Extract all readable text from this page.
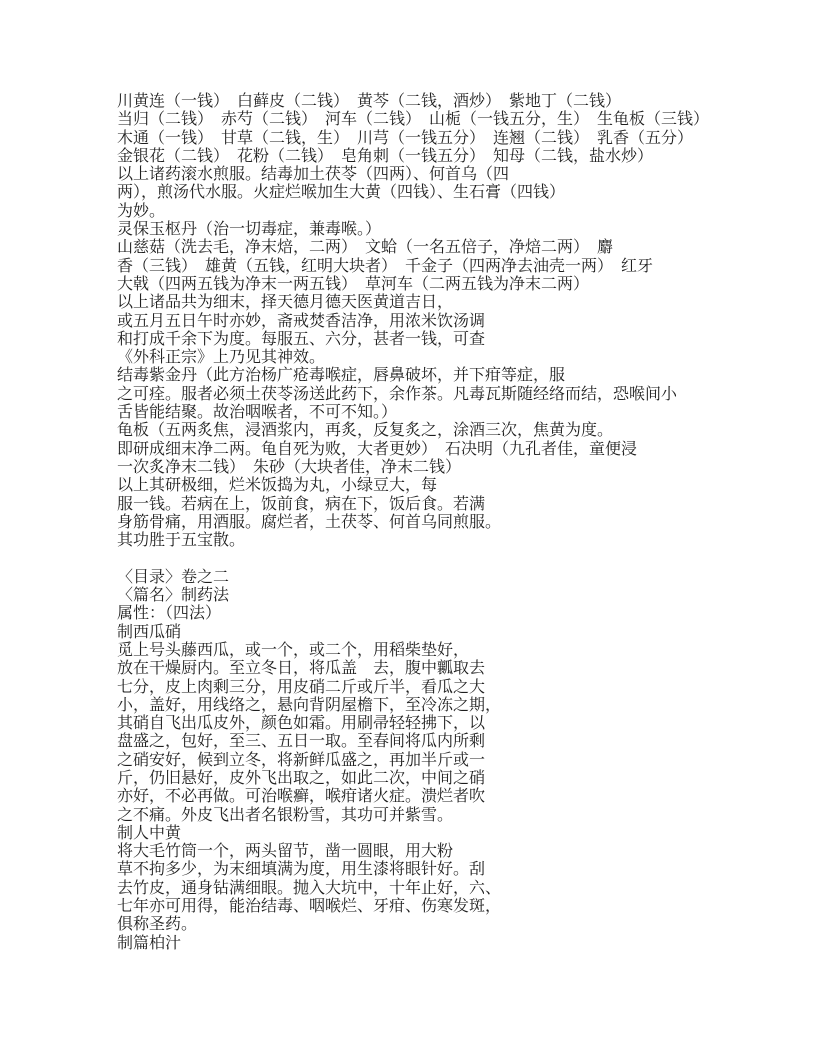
川黄连（一钱）　白藓皮（二钱）　黄芩（二钱，酒炒）　紫地丁（二钱）
当归（二钱）　赤芍（二钱）　河车（二钱）　山栀（一钱五分，生）　生龟板（三钱）
木通（一钱）　甘草（二钱，生）　川芎（一钱五分）　连翘（二钱）　乳香（五分）
金银花（二钱）　花粉（二钱）　皂角刺（一钱五分）　知母（二钱，盐水炒）
以上诸药滚水煎服。结毒加土茯苓（四两）、何首乌（四
两），煎汤代水服。火症烂喉加生大黄（四钱）、生石膏（四钱）
为妙。
灵保玉枢丹（治一切毒症，兼毒喉。）
山慈菇（洗去毛，净末焙，二两）　文蛤（一名五倍子，净焙二两）　麝
香（三钱）　雄黄（五钱，红明大块者）　千金子（四两净去油壳一两）　红牙
大戟（四两五钱为净末一两五钱）　草河车（二两五钱为净末二两）
以上诸品共为细末，择天德月德天医黄道吉日，
或五月五日午时亦妙，斋戒焚香洁净，用浓米饮汤调
和打成千余下为度。每服五、六分，甚者一钱，可查
《外科正宗》上乃见其神效。
结毒紫金丹（此方治杨广疮毒喉症，唇鼻破坏，并下疳等症，服
之可痊。服者必须土茯苓汤送此药下，余作茶。凡毒瓦斯随经络而结，恐喉间小
舌皆能结聚。故治咽喉者，不可不知。）
龟板（五两炙焦，浸酒浆内，再炙，反复炙之，涂酒三次，焦黄为度。
即研成细末净二两。龟自死为败，大者更妙）　石决明（九孔者佳，童便浸
一次炙净末二钱）　朱砂（大块者佳，净末二钱）
以上其研极细，烂米饭捣为丸，小绿豆大，每
服一钱。若病在上，饭前食，病在下，饭后食。若满
身筋骨痛，用酒服。腐烂者，土茯苓、何首乌同煎服。
其功胜于五宝散。

〈目录〉卷之二
〈篇名〉制药法
属性：（四法）
制西瓜硝
觅上号头藤西瓜，或一个，或二个，用稻柴垫好，
放在干燥厨内。至立冬日，将瓜盖　去，腹中瓤取去
七分，皮上肉剩三分，用皮硝二斤或斤半，看瓜之大
小，盖好，用线络之，悬向背阴屋檐下，至冷冻之期，
其硝自飞出瓜皮外，颜色如霜。用刷帚轻轻拂下，以
盘盛之，包好，至三、五日一取。至春间将瓜内所剩
之硝安好，候到立冬，将新鲜瓜盛之，再加半斤或一
斤，仍旧悬好，皮外飞出取之，如此二次，中间之硝
亦好，不必再做。可治喉癣，喉疳诸火症。溃烂者吹
之不痛。外皮飞出者名银粉雪，其功可并紫雪。
制人中黄
将大毛竹筒一个，两头留节，凿一圆眼，用大粉
草不拘多少，为末细填满为度，用生漆将眼针好。刮
去竹皮，通身钻满细眼。抛入大坑中，十年止好，六、
七年亦可用得，能治结毒、咽喉烂、牙疳、伤寒发斑，
俱称圣药。
制篇柏汁
